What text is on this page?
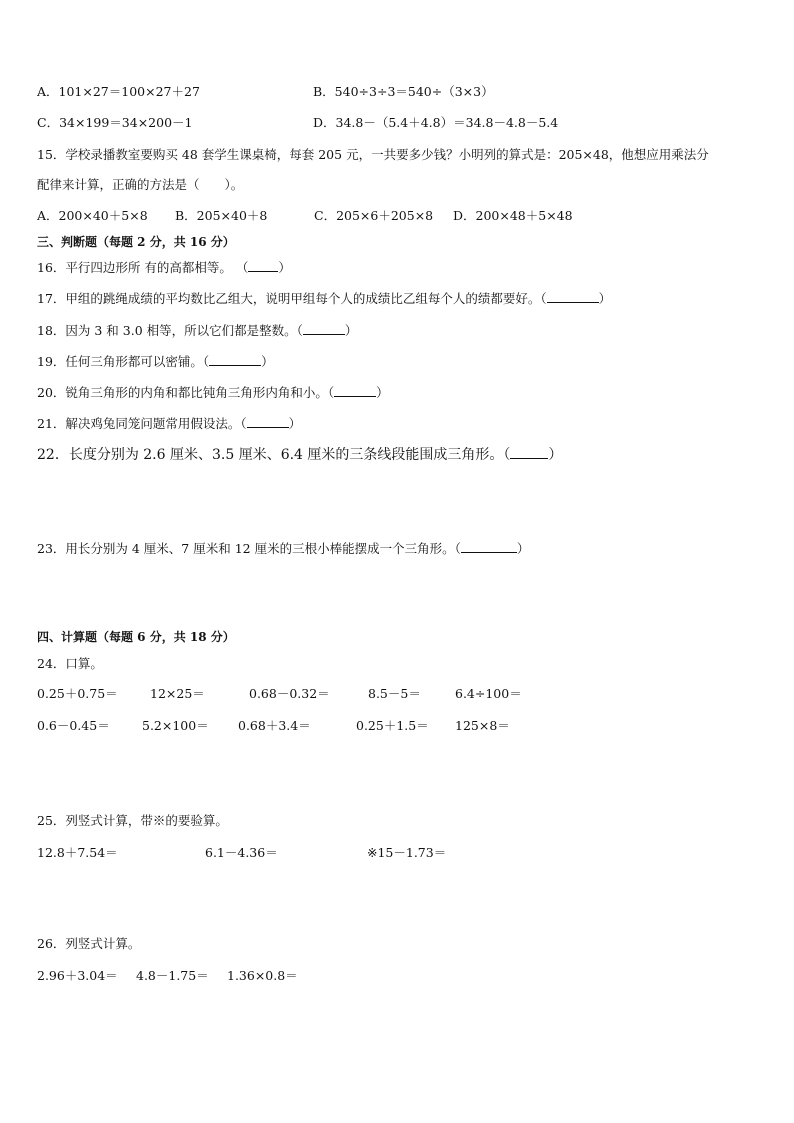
A．101×27＝100×27＋27	B．540÷3÷3＝540÷（3×3）
C．34×199＝34×200－1	D．34.8－（5.4＋4.8）＝34.8－4.8－5.4
15．学校录播教室要购买 48 套学生课桌椅，每套 205 元，一共要多少钱？小明列的算式是：205×48，他想应用乘法分
配律来计算，正确的方法是（　　）。
A．200×40＋5×8 B．205×40＋8	C．205×6＋205×8 D．200×48＋5×48
三、判断题（每题 2 分，共 16 分）
16．平行四边形所 有的高都相等。 （ ）
17．甲组的跳绳成绩的平均数比乙组大，说明甲组每个人的成绩比乙组每个人的绩都要好。（	）
18．因为 3 和 3.0 相等，所以它们都是整数。（	）
19．任何三角形都可以密铺。（	）
20．锐角三角形的内角和都比钝角三角形内角和小。（	）
21．解决鸡兔同笼问题常用假设法。（	）
22．长度分别为 2.6 厘米、3.5 厘米、6.4 厘米的三条线段能围成三角形。（	）
23．用长分别为 4 厘米、7 厘米和 12 厘米的三根小棒能摆成一个三角形。（	）
四、计算题（每题 6 分，共 18 分）
24．口算。
0.25＋0.75＝	12×25＝	0.68－0.32＝	8.5－5＝	6.4÷100＝
0.6－0.45＝	5.2×100＝ 0.68＋3.4＝	0.25＋1.5＝ 125×8＝
25．列竖式计算，带※的要验算。
12.8＋7.54＝	6.1－4.36＝	※15－1.73＝
26．列竖式计算。
2.96＋3.04＝ 4.8－1.75＝ 1.36×0.8＝
